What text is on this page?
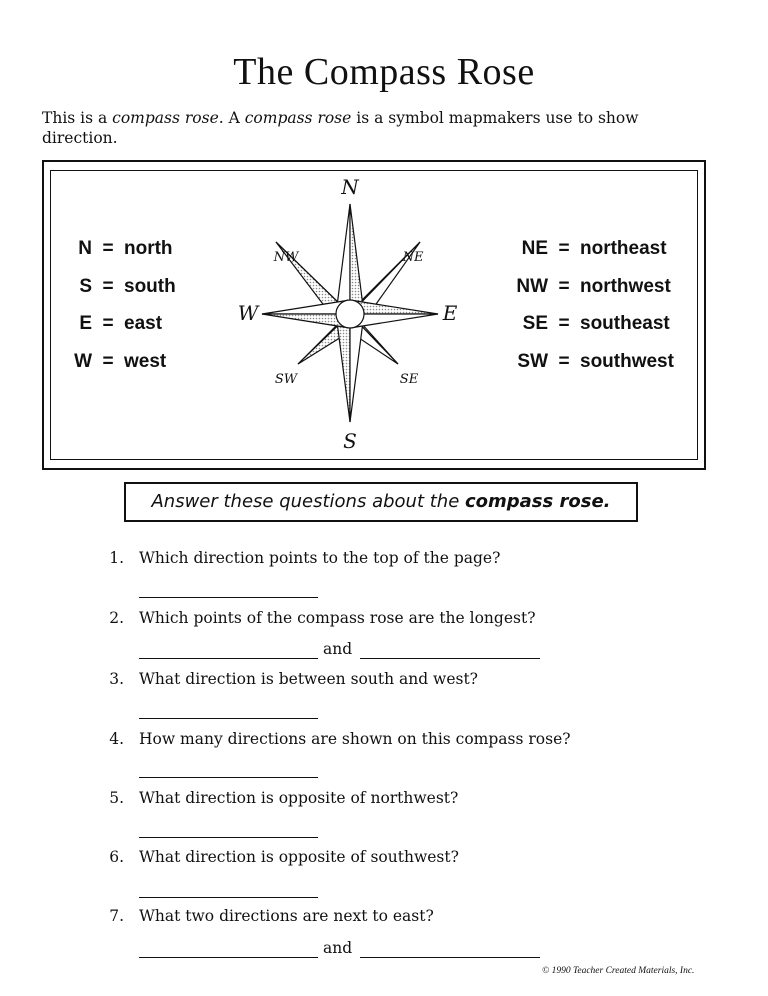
The Compass Rose
This is a compass rose. A compass rose is a symbol mapmakers use to show direction.
N = north
S = south
E = east
W = west
NE = northeast
NW = northwest
SE = southeast
SW = southwest
N
S
E
W
NW	NE
SW	SE
Answer these questions about the compass rose.
1. Which direction points to the top of the page?
2. Which points of the compass rose are the longest?
and
3. What direction is between south and west?
4. How many directions are shown on this compass rose?
5. What direction is opposite of northwest?
6. What direction is opposite of southwest?
7. What two directions are next to east?
and
© 1990 Teacher Created Materials, Inc.
